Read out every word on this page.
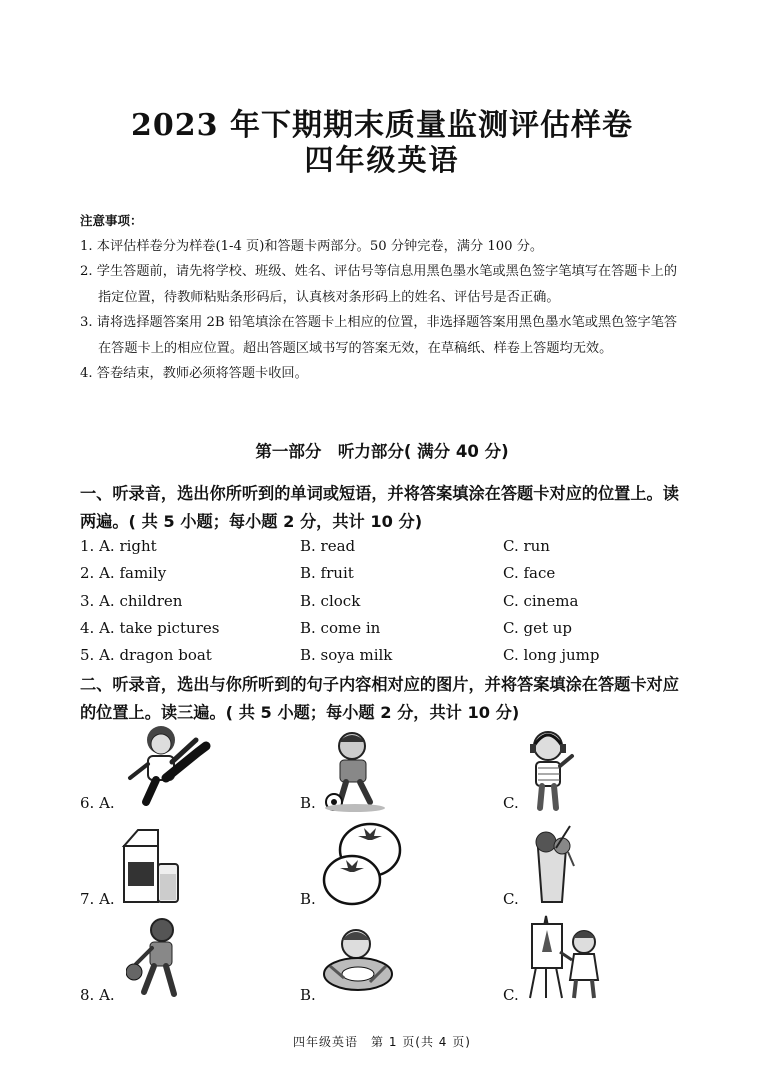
2023 年下期期末质量监测评估样卷
四年级英语
注意事项：
1. 本评估样卷分为样卷(1-4 页)和答题卡两部分。50 分钟完卷，满分 100 分。
2. 学生答题前，请先将学校、班级、姓名、评估号等信息用黑色墨水笔或黑色签字笔填写在答题卡上的指定位置，待教师粘贴条形码后，认真核对条形码上的姓名、评估号是否正确。
3. 请将选择题答案用 2B 铅笔填涂在答题卡上相应的位置，非选择题答案用黑色墨水笔或黑色签字笔答在答题卡上的相应位置。超出答题区域书写的答案无效，在草稿纸、样卷上答题均无效。
4. 答卷结束，教师必须将答题卡收回。
第一部分　听力部分( 满分 40 分)
一、听录音，选出你所听到的单词或短语，并将答案填涂在答题卡对应的位置上。读两遍。( 共 5 小题；每小题 2 分，共计 10 分)
1. A. right	B. read	C. run
2. A. family	B. fruit	C. face
3. A. children	B. clock	C. cinema
4. A. take pictures	B. come in	C. get up
5. A. dragon boat	B. soya milk	C. long jump
二、听录音，选出与你所听到的句子内容相对应的图片，并将答案填涂在答题卡对应的位置上。读三遍。( 共 5 小题；每小题 2 分，共计 10 分)
6. A.	B.	C.
7. A.	B.	C.
8. A.	B.	C.
四年级英语　第 1 页(共 4 页)
